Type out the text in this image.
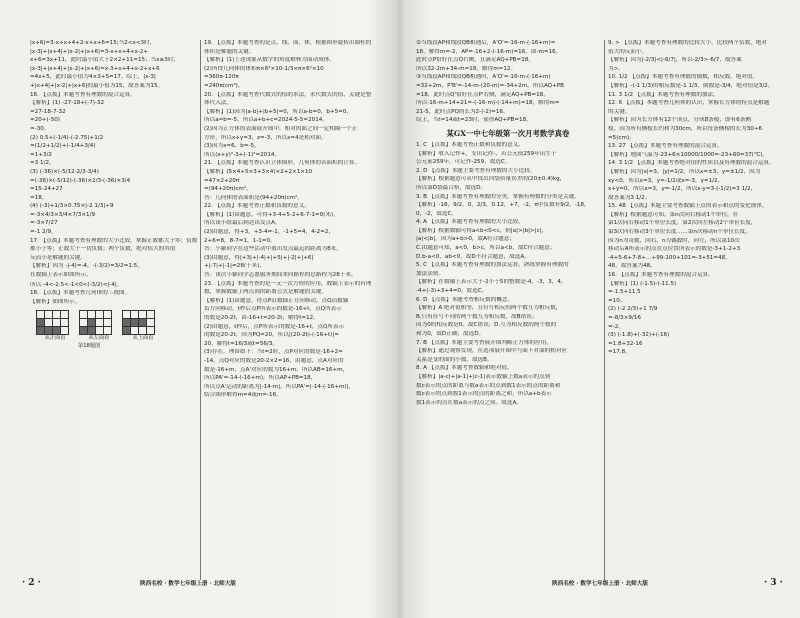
|x+6|=3-x+x+4+2-x+x+6=15;当2<x<3时，

|x-3|+|x+4|+|x-2|+|x+6|=3-x+x+4+x-2+

x+6=3x+11，此时最小值大于2×2+11=15；当x≥3时，

|x-3|+|x+4|+|x-2|+|x+6|=x-3+x+4+x-2+x+6

=4x+5，此时最小值为4×3+5=17。综上，|x-3|

+|x+4|+|x-2|+|x+6|的最小值为15，故答案为15。

16. 【点拨】本题考查有理数的混合运算。

【解析】(1) -27-18+(-7)-32

=27-18-7-32

=20+(-50)

=-30。

(2) 0.5+(-1/4)-(-2.75)+1/2

=(1/2+1/2)+(-1/4+3/4)

=1+3/2

=3 1/2。

(3) (-36)×(-5/12-2/3-3/4)

=(-36)×(-5/12)-(-36)×2/3-(-36)×3/4

=15-24+27

=18。

(4) (-3)+1/3×0.75×|-2 1/3|÷9

=-3×4/3×3/4×7/3×1/9

=-3×7/27

=-1 2/9。

17. 【点拨】本题考查有理数的大小比较，掌握正数都大于零；负数

都小于零；正数大于一切负数；两个负数，绝对值大的其值

反而小是解题的关键。

【解析】因为 -|-4|=-4，-(-3/2)=3/2=1.5，

在数轴上表示如图所示。

所以 -4<-2.5<-1<0<(-3/2)<|-4|。

18. 【点拨】本题考查几何体的三视图。

【解析】如图所示。

从正面看	从左面看	从上面看
第18题图

19. 【点拨】本题考查的是点、线、面、体，根据图形旋转出圆柱的

体积是解题的关键。

【解析】(1)上述现象从数学的角度解释为面动成体。

(2)所得几何体的体积π×6²×10-1/3×π×6²×10

=360π-120π

=240π(cm³)。

20. 【点拨】本题考查代数式的值的求法，求代数式的值，关键是整

体代入法。

【解析】(1)因为|a-b|+|b+5|=0，所以a-b=0，b+5=0，

所以a=b=-5，所以a+b+c=2024-5-5=2014。

(2)因为正方体的表面展开图中，相对的面之间一定相隔一个正

方形，所以x+y=3，z=-3，所以x=4是相对面。

(3)因为x=6，b=-5，

所以(x+y)²-3+(-1)²=2014。

21. 【点拨】本题考查认识立体图形，几何体的表面积的计算。

【解析】(5×4+5×3+3×4)×2+2×1×10

=47×2+20π

=(94+20π)cm²。

答：几何体的表面积是(94+20π)cm²。

22. 【点拨】本题考查正数和负数的意义。

【解析】(1)由题意，可得+3-4+5-2+6-7-1=0(米)，

所以该小组最后到达出发点A。

(2)由题意，得+3，+3-4=-1，-1+5=4，4-2=2，

2+6=8，8-7=1，1-1=0。

答：小颖同学在这些活动中离出发点最远的距离为8米。

(3)由题意，得|+3|+|-4|+|+5|+|-2|+|+6|

+|-7|+|-1|=28(千米)，

答：该次小颖同学志愿服务期间来回路程的总路程为28千米。

23. 【点拨】本题考查的是一元一次方程的应用，数轴上表示的有理

数，掌握数轴上两点间的距离公式是解题的关键。

【解析】(1)由题意，得点P沿数轴正方向移动，点Q沿数轴

负方向移动，t秒后点P所表示的数是-16+t，点Q所表示

的数是20-2t，由-16+t=20-2t，解得t=12。

(2)由题意，t秒后，点P所表示的数是-16+t，点Q所表示

的数是20-2t，因为PQ=20，所以|(20-2t)-(-16+t)|=

20，解得t=16/3或t=56/3。

(3)存在。理由如下：当t=2时，点P对应的数是-16+2=

-14，点Q对应的数是20-2×2=16，由题意，点A对应的

数是-16+m，点A'对应的数为16+m，所以AB=16+m，

所以PA'=-14-(-16+m)，所以AP+PB=18，

所以点A'运动的距离为|-14-m|，所以PA'=|-14-(-16+m)|，

结合图形解得m=4或m=-16。

· 2 ·	陕西名校 · 数学七年级上册 · 北师大版

②当线段AP和线段QB相遇后，A'Q'=-16-m-(-16+m)=

18，解得m=-2，AP=-16+2-(-16-m)=16，即-m=16。

此时点P恰好在点Q右侧，且满足AQ+PB=18，

所以32-2m+34-m=18，解得m=12。

③当线段AP和线段QB相遇时，A'Q'=-16-m-(-16+m)

=32+2m，P'B'=-14-m-(20-m)=-34+2m，所以AQ+PB

=18，此时点Q'恰好在点P'右侧，满足AQ+PB=18，

所以-16-m+14+21=-(-16-m)-(-14+m)=18，解得m=

21-5，此时点PQ的长为2-(-2)=16。

综上，当t=14或t=23时，使得AQ+PB=18。

某GX一中七年级第一次月考数学真卷

1. C 【点拨】本题考查正数和负数的意义。

【解析】收入记作+，支出记作-，若公元前259年出生于

公元前259年，可记作-259，故选C。

2. D 【点拨】本题主要考查有理数的大小比较。

【解析】根据题意可从中找出四袋质量误差的(20±0.4)kg，

所以第D袋最合格，故选D。

3. B 【点拨】本题考查有理数的分类，掌握有理数的分类是关键。

【解析】-18，9/2，0，2/3，0.12，+7，-2，π中负数有9/2，-18，

0，-2，故选C。

4. A 【点拨】本题考查有理数的大小比较。

【解析】根据数轴可得a<b<0<c，则|a|>|b|>|c|，

|a|<|b|，因为a+b>0，故A符合题意；

C.由题意可知，a<0，b>c，所以a<b，故C符合题意；

D.b-a<0，ab<0，故D不符合题意，故选A。

5. C 【点拨】本题考查有理数的加法运算，熟练掌握有理数的

加法法则。

【解析】在数轴上表示大于-2小于5的整数是-4，-3，3，4，

-4+(-3)+3+4=0，故选C。

6. D 【点拨】本题考查相反数的概念。

【解析】A.绝对值相等，且符号相反的两个数互为相反数，

B.只有符号不同的两个数互为相反数，故B错误；

因为0的相反数是0，故C错误；D.互为相反数的两个数的

和为0，故D正确；故选D。

7. B 【点拨】本题主要考查展开图判断正方体的应用。

【解析】通过观察发现，在选项展开图中与面下对面的相对应

关系是变的面的小数。故选B。

8. A 【点拨】本题考查数轴和绝对值。

【解析】|a-c|+|a-1|+|c-1|表示数轴上数a表示的点到

数c表示的点的距离与数a表示的点到数1表示的点的距离和

数c表示的点到数1表示的点的距离之和，所以a+b表示

数1表示的点在数a表示的点之间。故选A。

9. > 【点拨】本题考查有理数的比较大小，比较两个负数，绝对

值大的反而小。

【解析】因为|-2/3|<|-6/7|，所以-2/3>-6/7，故答案

为>。

10. 1/2 【点拨】本题考查有理数的倒数，相反数，绝对值。

【解析】-(-1 1/3)的相反数是-1 1/3，倒数是-3/4，绝对值是3/2。

11. 3 1/2 【点拨】本题考查有理数的加法。

12. 6 【点拨】本题考查几何体的认识，掌握长方体的特点是解题

的关键。

【解析】因为长方体有12个顶点，分成8条棱，即有6条侧

棱。因为所有侧棱长约和为30cm，所以每条侧棱的长为30÷6

=5(cm)。

13. 27 【点拨】本题考查有理数的混合运算。

【解析】地面气温为-23+6×10000/1000=-23+60=37(℃)。

14. 3 1/2 【点拨】本题考查绝对值的性质以及有理数的混合运算。

【解析】因为|x|=3，|y|=1/2，所以x=±3，y=±1/2，因为

xy<0，所以x=3，y=-1/2或x=-3，y=1/2，

x+y=0，所以x=3，y=-1/2，所以x-y=3-(-1/2)=3 1/2，

故答案为3 1/2。

15. 48 【点拨】本题主要考查数轴上点的表示和点的变化规律。

【解析】根据题意可知，第n次向右移动1个单位，在

第1次向右移动1个单位长度，第2次向左移动2个单位长度，

第3次向右移动3个单位长度……第n次移动n个单位长度，

因为n为奇数，向右，n为偶数时，向左，所以第10次

移动后A所表示的点在点位置所表示的数是-3+1-2+3

-4+5-6+7-8+…+99-100+101=-3+51=48，

48，故答案为48。

16. 【点拨】本题考查有理数的混合运算。

【解析】(1) (-1.5)-(-11.5)

=-1.5+11.5

=10。

(2) (-2 2/3)÷1 7/9

=-8/3×9/16

=-2。

(3) (-1.8)+(-32)+(-16)

=1.8+32-16

=17.8。

· 3 ·
陕西名校 · 数学七年级上册 · 北师大版
